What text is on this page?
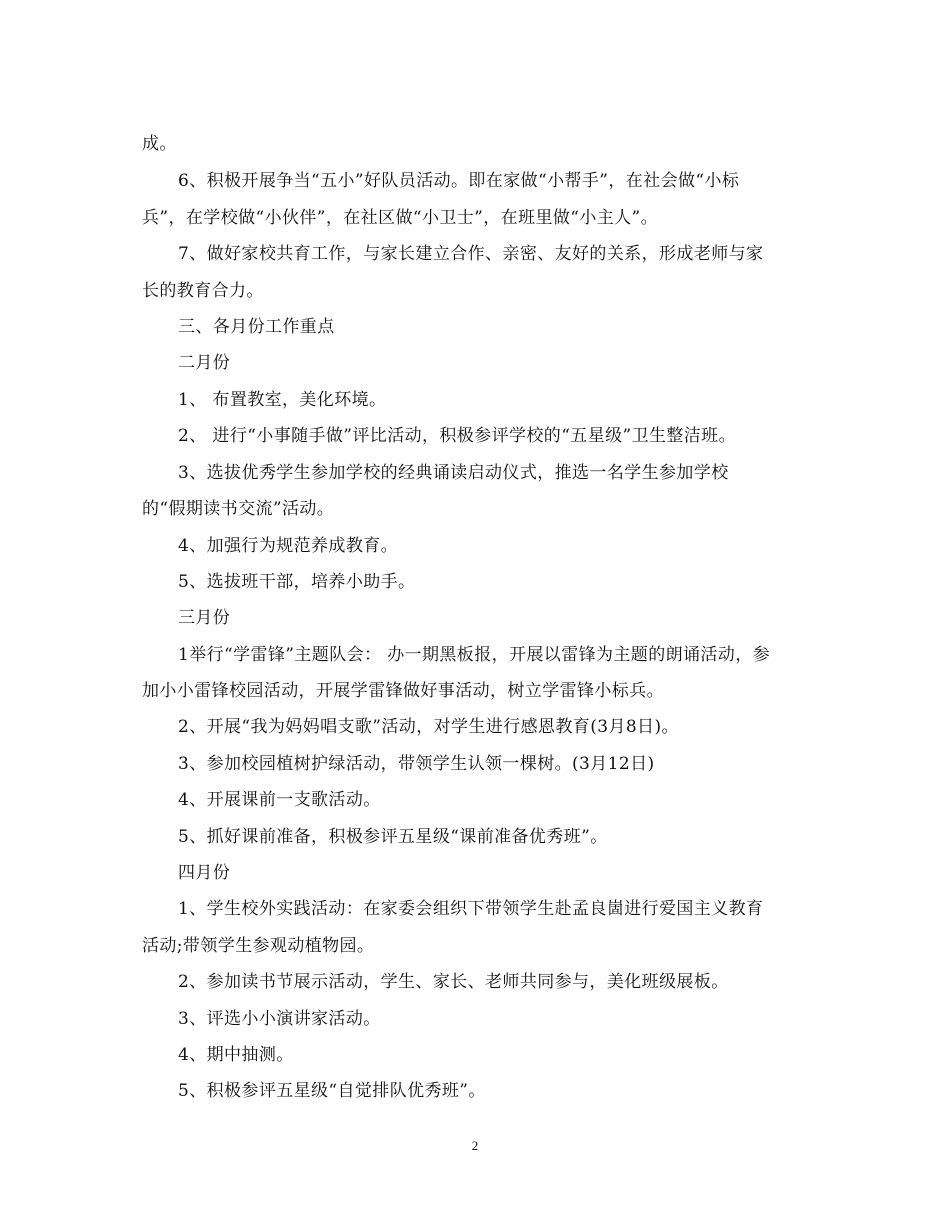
成。
6、积极开展争当“五小”好队员活动。即在家做“小帮手”，在社会做“小标
兵”，在学校做“小伙伴”，在社区做“小卫士”，在班里做“小主人”。
7、做好家校共育工作，与家长建立合作、亲密、友好的关系，形成老师与家
长的教育合力。
三、各月份工作重点
二月份
1、 布置教室，美化环境。
2、 进行“小事随手做”评比活动，积极参评学校的“五星级”卫生整洁班。
3、选拔优秀学生参加学校的经典诵读启动仪式，推选一名学生参加学校
的“假期读书交流”活动。
4、加强行为规范养成教育。
5、选拔班干部，培养小助手。
三月份
1举行“学雷锋”主题队会： 办一期黑板报，开展以雷锋为主题的朗诵活动，参
加小小雷锋校园活动，开展学雷锋做好事活动，树立学雷锋小标兵。
2、开展“我为妈妈唱支歌”活动，对学生进行感恩教育(3月8日)。
3、参加校园植树护绿活动，带领学生认领一棵树。(3月12日)
4、开展课前一支歌活动。
5、抓好课前准备，积极参评五星级“课前准备优秀班”。
四月份
1、学生校外实践活动：在家委会组织下带领学生赴孟良崮进行爱国主义教育
活动;带领学生参观动植物园。
2、参加读书节展示活动，学生、家长、老师共同参与，美化班级展板。
3、评选小小演讲家活动。
4、期中抽测。
5、积极参评五星级“自觉排队优秀班”。
2
